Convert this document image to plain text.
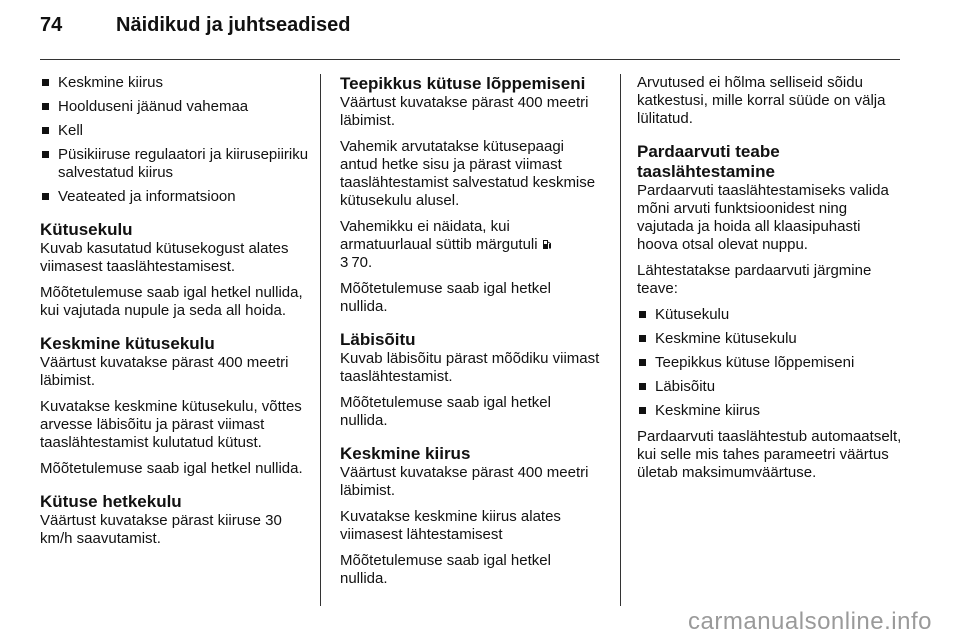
74	Näidikud ja juhtseadised
Keskmine kiirus
Hoolduseni jäänud vahemaa
Kell
Püsikiiruse regulaatori ja kiirusepiiriku salvestatud kiirus
Veateated ja informatsioon
Kütusekulu

Kuvab kasutatud kütusekogust alates viimasest taaslähtestamisest.

Mõõtetulemuse saab igal hetkel nullida, kui vajutada nupule ja seda all hoida.

Keskmine kütusekulu

Väärtust kuvatakse pärast 400 meetri läbimist.

Kuvatakse keskmine kütusekulu, võttes arvesse läbisõitu ja pärast viimast taaslähtestamist kulutatud kütust.

Mõõtetulemuse saab igal hetkel nullida.

Kütuse hetkekulu

Väärtust kuvatakse pärast kiiruse 30 km/h saavutamist.

Teepikkus kütuse lõppemiseni

Väärtust kuvatakse pärast 400 meetri läbimist.

Vahemik arvutatakse kütusepaagi antud hetke sisu ja pärast viimast taaslähtestamist salvestatud keskmise kütusekulu alusel.

Vahemikku ei näidata, kui armatuurlaual süttib märgutuli
3 70.

Mõõtetulemuse saab igal hetkel nullida.

Läbisõitu

Kuvab läbisõitu pärast mõõdiku viimast taaslähtestamist.

Mõõtetulemuse saab igal hetkel nullida.

Keskmine kiirus

Väärtust kuvatakse pärast 400 meetri läbimist.

Kuvatakse keskmine kiirus alates viimasest lähtestamisest

Mõõtetulemuse saab igal hetkel nullida.

Arvutused ei hõlma selliseid sõidu katkestusi, mille korral süüde on välja lülitatud.

Pardaarvuti teabe taaslähtestamine

Pardaarvuti taaslähtestamiseks valida mõni arvuti funktsioonidest ning vajutada ja hoida all klaasipuhasti hoova otsal olevat nuppu.

Lähtestatakse pardaarvuti järgmine teave:

Kütusekulu
Keskmine kütusekulu
Teepikkus kütuse lõppemiseni
Läbisõitu
Keskmine kiirus

Pardaarvuti taaslähtestub automaatselt, kui selle mis tahes parameetri väärtus ületab maksimumväärtuse.

carmanualsonline.info
